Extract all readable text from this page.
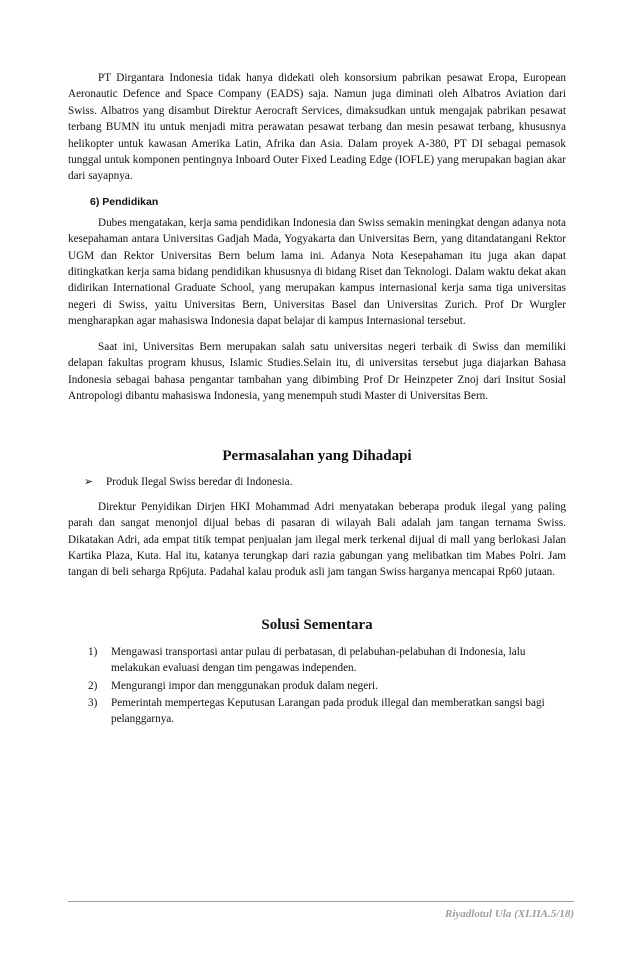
PT Dirgantara Indonesia tidak hanya didekati oleh konsorsium pabrikan pesawat Eropa, European Aeronautic Defence and Space Company (EADS) saja. Namun juga diminati oleh Albatros Aviation dari Swiss. Albatros yang disambut Direktur Aerocraft Services, dimaksudkan untuk mengajak pabrikan pesawat terbang BUMN itu untuk menjadi mitra perawatan pesawat terbang dan mesin pesawat terbang, khususnya helikopter untuk kawasan Amerika Latin, Afrika dan Asia. Dalam proyek A-380, PT DI sebagai pemasok tunggal untuk komponen pentingnya Inboard Outer Fixed Leading Edge (IOFLE) yang merupakan bagian akar dari sayapnya.

6) Pendidikan

Dubes mengatakan, kerja sama pendidikan Indonesia dan Swiss semakin meningkat dengan adanya nota kesepahaman antara Universitas Gadjah Mada, Yogyakarta dan Universitas Bern, yang ditandatangani Rektor UGM dan Rektor Universitas Bern belum lama ini. Adanya Nota Kesepahaman itu juga akan dapat ditingkatkan kerja sama bidang pendidikan khususnya di bidang Riset dan Teknologi. Dalam waktu dekat akan didirikan International Graduate School, yang merupakan kampus internasional kerja sama tiga universitas negeri di Swiss, yaitu Universitas Bern, Universitas Basel dan Universitas Zurich. Prof Dr Wurgler mengharapkan agar mahasiswa Indonesia dapat belajar di kampus Internasional tersebut.

Saat ini, Universitas Bern merupakan salah satu universitas negeri terbaik di Swiss dan memiliki delapan fakultas program khusus, Islamic Studies.Selain itu, di universitas tersebut juga diajarkan Bahasa Indonesia sebagai bahasa pengantar tambahan yang dibimbing Prof Dr Heinzpeter Znoj dari Insitut Sosial Antropologi dibantu mahasiswa Indonesia, yang menempuh studi Master di Universitas Bern.

Permasalahan yang Dihadapi
➢	Produk Ilegal Swiss beredar di Indonesia.

Direktur Penyidikan Dirjen HKI Mohammad Adri menyatakan beberapa produk ilegal yang paling parah dan sangat menonjol dijual bebas di pasaran di wilayah Bali adalah jam tangan ternama Swiss. Dikatakan Adri, ada empat titik tempat penjualan jam ilegal merk terkenal dijual di mall yang berlokasi Jalan Kartika Plaza, Kuta. Hal itu, katanya terungkap dari razia gabungan yang melibatkan tim Mabes Polri. Jam tangan di beli seharga Rp6juta. Padahal kalau produk asli jam tangan Swiss harganya mencapai Rp60 jutaan.

Solusi Sementara
1)	Mengawasi transportasi antar pulau di perbatasan, di pelabuhan-pelabuhan di Indonesia, lalu melakukan evaluasi dengan tim pengawas independen.
2)	Mengurangi impor dan menggunakan produk dalam negeri.
3)	Pemerintah mempertegas Keputusan Larangan pada produk illegal dan memberatkan sangsi bagi pelanggarnya.
Riyadlotul Ula (XI.IIA.5/18)
